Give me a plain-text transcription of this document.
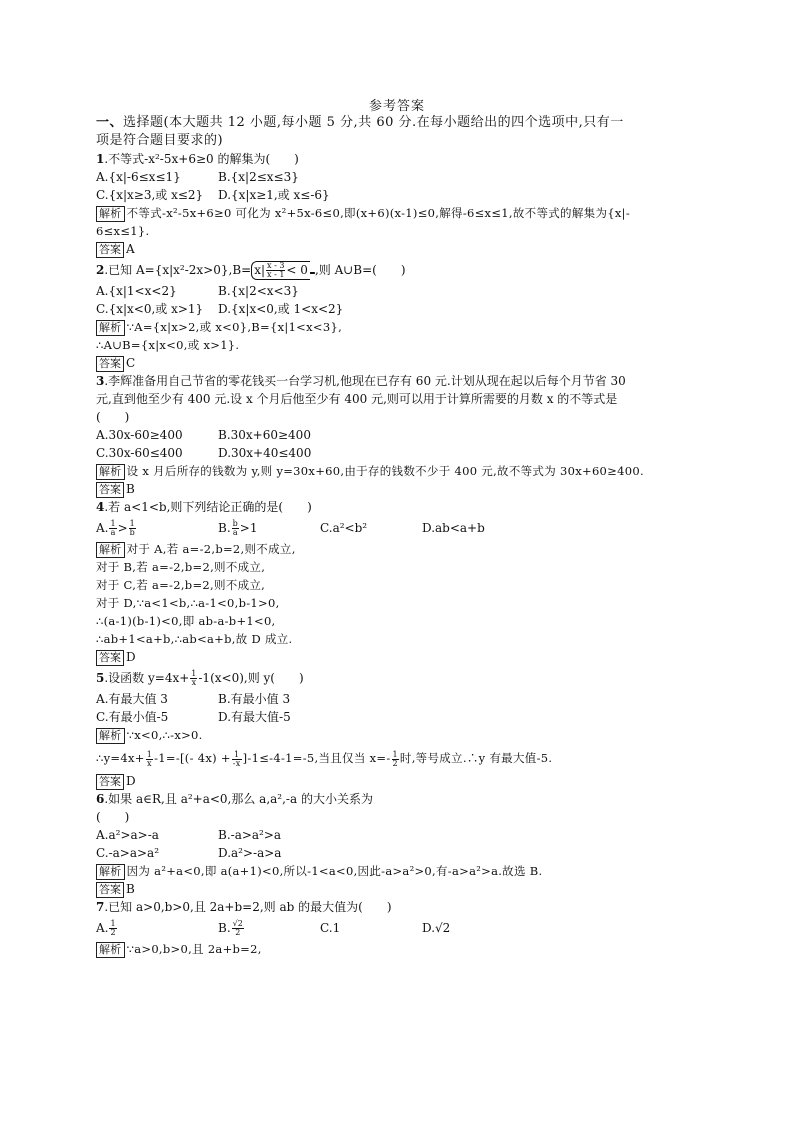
参考答案
一、选择题(本大题共 12 小题,每小题 5 分,共 60 分.在每小题给出的四个选项中,只有一
项是符合题目要求的)
1.不等式-x²-5x+6≥0 的解集为(　　)
A.{x|-6≤x≤1}	B.{x|2≤x≤3}
C.{x|x≥3,或 x≤2}	D.{x|x≥1,或 x≤-6}
解析 不等式-x²-5x+6≥0 可化为 x²+5x-6≤0,即(x+6)(x-1)≤0,解得-6≤x≤1,故不等式的解集为{x|-
6≤x≤1}.
答案 A
2.已知 $A=\{x|x^2-2x>0\},B= x| \frac{x - 3}{x - 1} < 0$ ,则 A∪B=(　　)
A.{x|1<x<2}	B.{x|2<x<3}
C.{x|x<0,或 x>1}	D.{x|x<0,或 1<x<2}
解析 ∵A={x|x>2,或 x<0},B={x|1<x<3},
∴A∪B={x|x<0,或 x>1}.
答案 C
3.李辉准备用自己节省的零花钱买一台学习机,他现在已存有 60 元.计划从现在起以后每个月节省 30
元,直到他至少有 400 元.设 x 个月后他至少有 400 元,则可以用于计算所需要的月数 x 的不等式是
(　　)
A.30x-60≥400	B.30x+60≥400
C.30x-60≤400	D.30x+40≤400
解析 设 x 月后所存的钱数为 y,则 y=30x+60,由于存的钱数不少于 400 元,故不等式为 30x+60≥400.
答案 B
4.若 a<1<b,则下列结论正确的是(　　)
A. $\frac{1}{a} > \frac{1}{b}$	B. $\frac{b}{a} >1$	C.a²<b²	D.ab<a+b
解析 对于 A,若 a=-2,b=2,则不成立,
对于 B,若 a=-2,b=2,则不成立,
对于 C,若 a=-2,b=2,则不成立,
对于 D,∵a<1<b,∴a-1<0,b-1>0,
∴(a-1)(b-1)<0,即 ab-a-b+1<0,
∴ab+1<a+b,∴ab<a+b,故 D 成立.
答案 D
5.设函数 $y=4x+ \frac{1}{x} -1(x<0)$,则 y(　　)
A.有最大值 3	B.有最小值 3
C.有最小值-5	D.有最大值-5
解析 ∵x<0,∴-x>0.
∴y=4x+ $\frac{1}{x} -1=-[(-$ $4x) + \frac{1}{-x} ]-1\le-4-1=-5$,当且仅当 $x=- \frac{1}{2}$ 时,等号成立.∴y 有最大值-5.
答案 D
6.如果 a∈R,且 a²+a<0,那么 a,a²,-a 的大小关系为
(　　)
A.a²>a>-a	B.-a>a²>a
C.-a>a>a²	D.a²>-a>a
解析 因为 a²+a<0,即 a(a+1)<0,所以-1<a<0,因此-a>a²>0,有-a>a²>a.故选 B.
答案 B
7.已知 a>0,b>0,且 2a+b=2,则 ab 的最大值为(　　)
A. $\frac{1}{2}$	B. $\frac{√2}{2}$	C.1	D.√2
解析 ∵a>0,b>0,且 2a+b=2,
